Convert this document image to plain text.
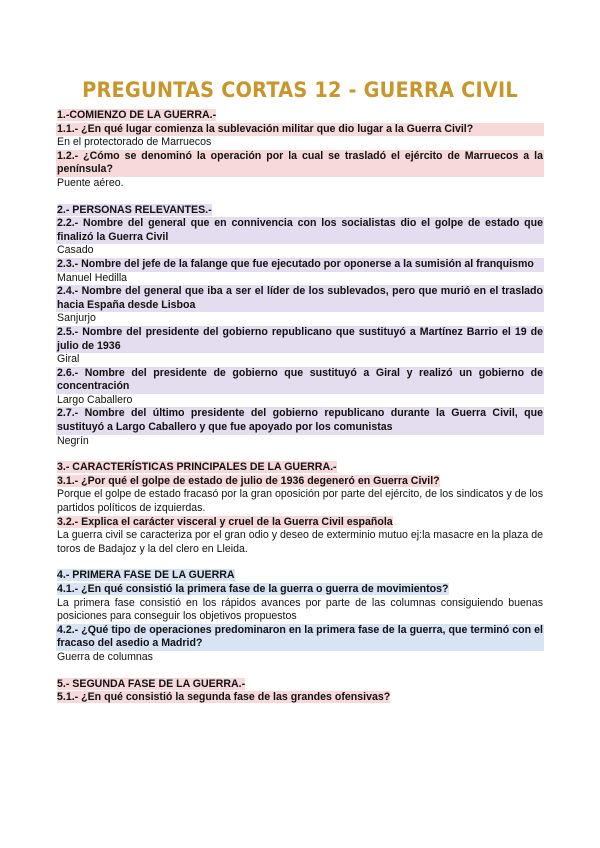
PREGUNTAS CORTAS 12 - GUERRA CIVIL
1.-COMIENZO DE LA GUERRA.-
1.1.- ¿En qué lugar comienza la sublevación militar que dio lugar a la Guerra Civil?
En el protectorado de Marruecos
1.2.- ¿Cómo se denominó la operación por la cual se trasladó el ejército de Marruecos a la península?
Puente aéreo.
2.- PERSONAS RELEVANTES.-
2.2.- Nombre del general que en connivencia con los socialistas dio el golpe de estado que finalizó la Guerra Civil
Casado
2.3.- Nombre del jefe de la falange que fue ejecutado por oponerse a la sumisión al franquismo
Manuel Hedilla
2.4.- Nombre del general que iba a ser el líder de los sublevados, pero que murió en el traslado hacia España desde Lisboa
Sanjurjo
2.5.- Nombre del presidente del gobierno republicano que sustituyó a Martínez Barrio el 19 de julio de 1936
Giral
2.6.- Nombre del presidente de gobierno que sustituyó a Giral y realizó un gobierno de concentración
Largo Caballero
2.7.- Nombre del último presidente del gobierno republicano durante la Guerra Civil, que sustituyó a Largo Caballero y que fue apoyado por los comunistas
Negrín
3.- CARACTERÍSTICAS PRINCIPALES DE LA GUERRA.-
3.1.- ¿Por qué el golpe de estado de julio de 1936 degeneró en Guerra Civil?
Porque el golpe de estado fracasó por la gran oposición por parte del ejército, de los sindicatos y de los partidos políticos de izquierdas.
3.2.- Explica el carácter visceral y cruel de la Guerra Civil española
La guerra civil se caracteriza por el gran odio y deseo de exterminio mutuo ej:la masacre en la plaza de toros de Badajoz y la del clero en Lleida.
4.- PRIMERA FASE DE LA GUERRA
4.1.- ¿En qué consistió la primera fase de la guerra o guerra de movimientos?
La primera fase consistió en los rápidos avances por parte de las columnas consiguiendo buenas posiciones para conseguir los objetivos propuestos
4.2.- ¿Qué tipo de operaciones predominaron en la primera fase de la guerra, que terminó con el fracaso del asedio a Madrid?
Guerra de columnas
5.- SEGUNDA FASE DE LA GUERRA.-
5.1.- ¿En qué consistió la segunda fase de las grandes ofensivas?
